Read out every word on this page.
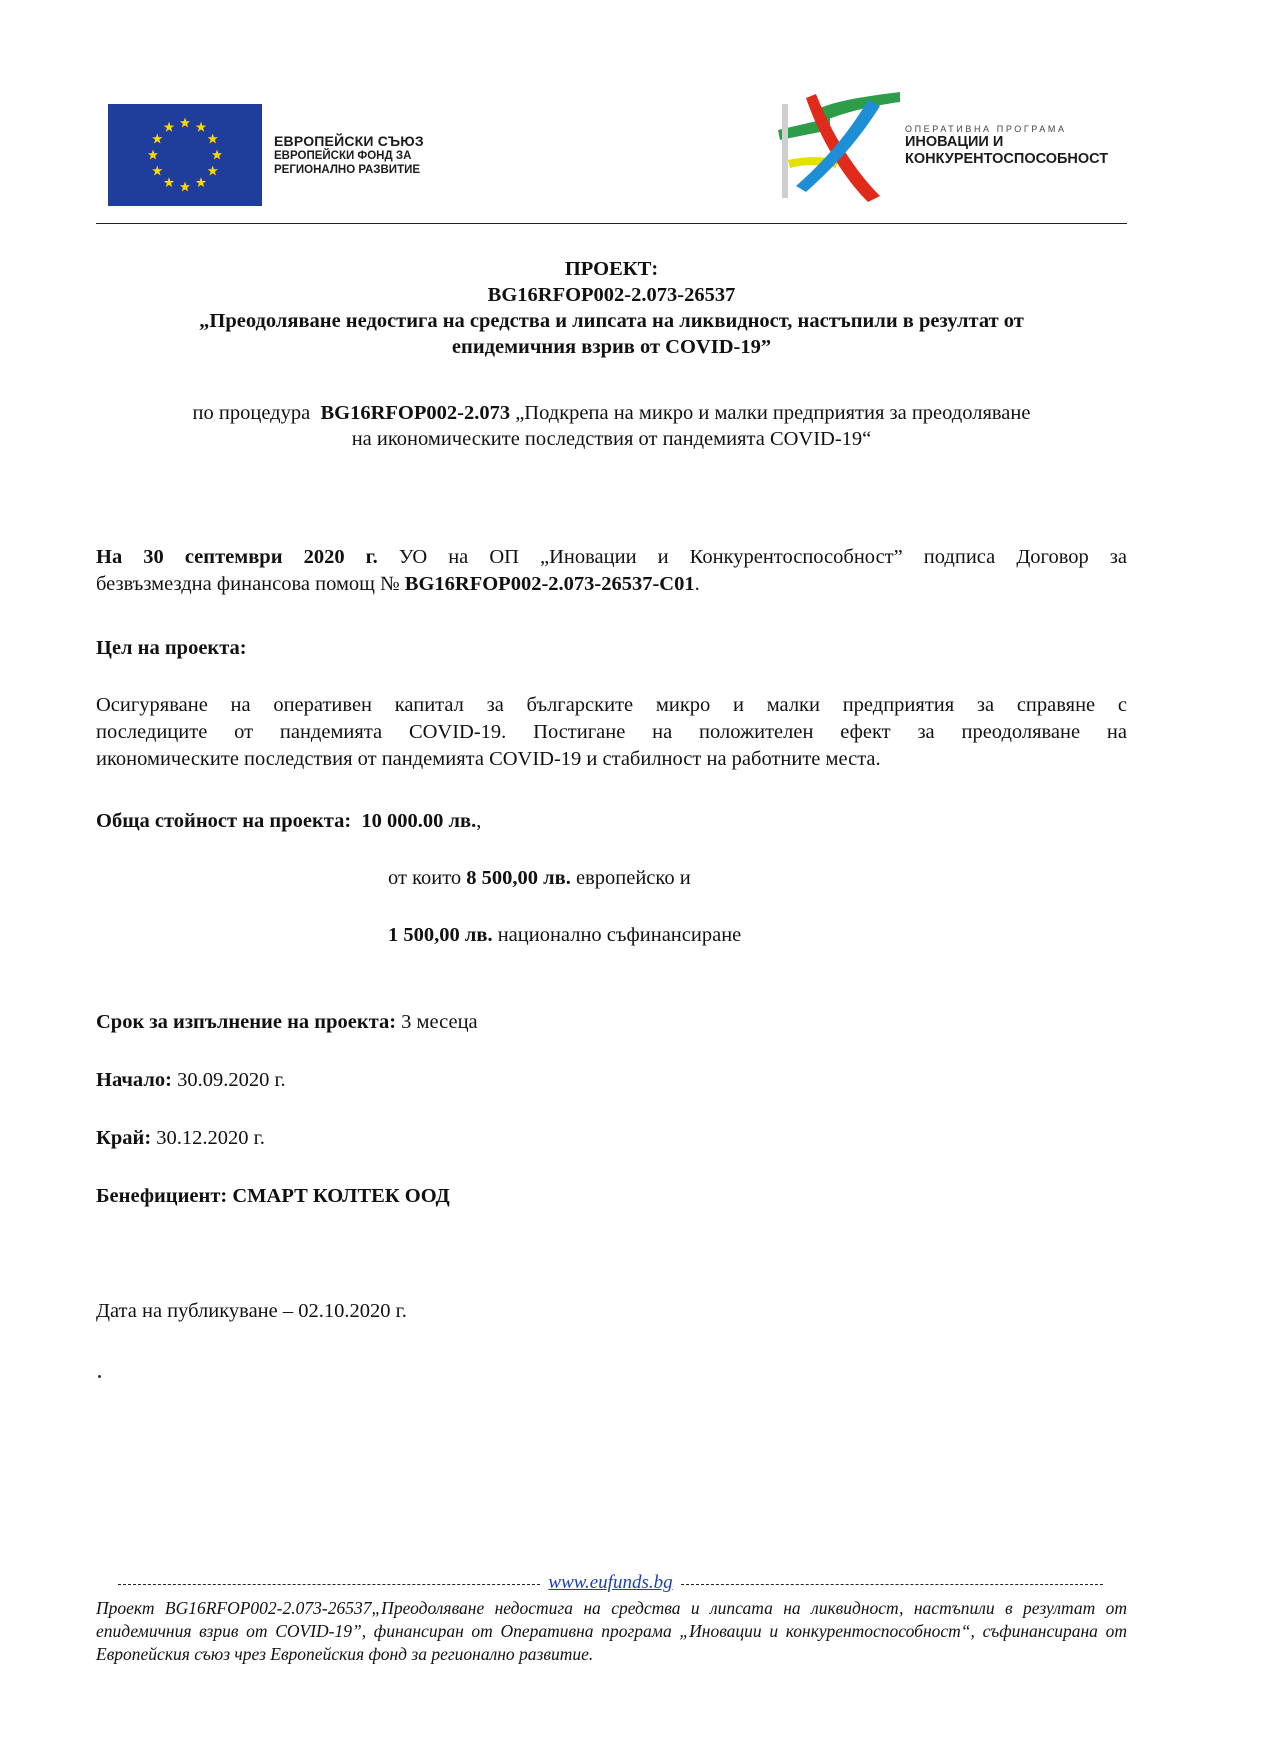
ЕВРОПЕЙСКИ СЪЮЗ
ЕВРОПЕЙСКИ ФОНД ЗА
РЕГИОНАЛНО РАЗВИТИЕ
ОПЕРАТИВНА ПРОГРАМА
ИНОВАЦИИ И
КОНКУРЕНТОСПОСОБНОСТ
ПРОЕКТ:
BG16RFOP002-2.073-26537
„Преодоляване недостига на средства и липсата на ликвидност, настъпили в резултат от
епидемичния взрив от COVID-19”
по процедура BG16RFOP002-2.073 „Подкрепа на микро и малки предприятия за преодоляване
на икономическите последствия от пандемията COVID-19“
На 30 септември 2020 г. УО на ОП „Иновации и Конкурентоспособност” подписа Договор за
безвъзмездна финансова помощ № BG16RFOP002-2.073-26537-C01.
Цел на проекта:
Осигуряване на оперативен капитал за българските микро и малки предприятия за справяне с
последиците от пандемията COVID-19. Постигане на положителен ефект за преодоляване на
икономическите последствия от пандемията COVID-19 и стабилност на работните места.
Обща стойност на проекта: 10 000.00 лв.,
от които 8 500,00 лв. европейско и
1 500,00 лв. национално съфинансиране
Срок за изпълнение на проекта: 3 месеца
Начало: 30.09.2020 г.
Край: 30.12.2020 г.
Бенефициент: СМАРТ КОЛТЕК ООД
Дата на публикуване – 02.10.2020 г.
www.eufunds.bg
Проект BG16RFOP002-2.073-26537„Преодоляване недостига на средства и липсата на ликвидност, настъпили в резултат от епидемичния взрив от COVID-19”, финансиран от Оперативна програма „Иновации и конкурентоспособност“, съфинансирана от Европейския съюз чрез Европейския фонд за регионално развитие.
